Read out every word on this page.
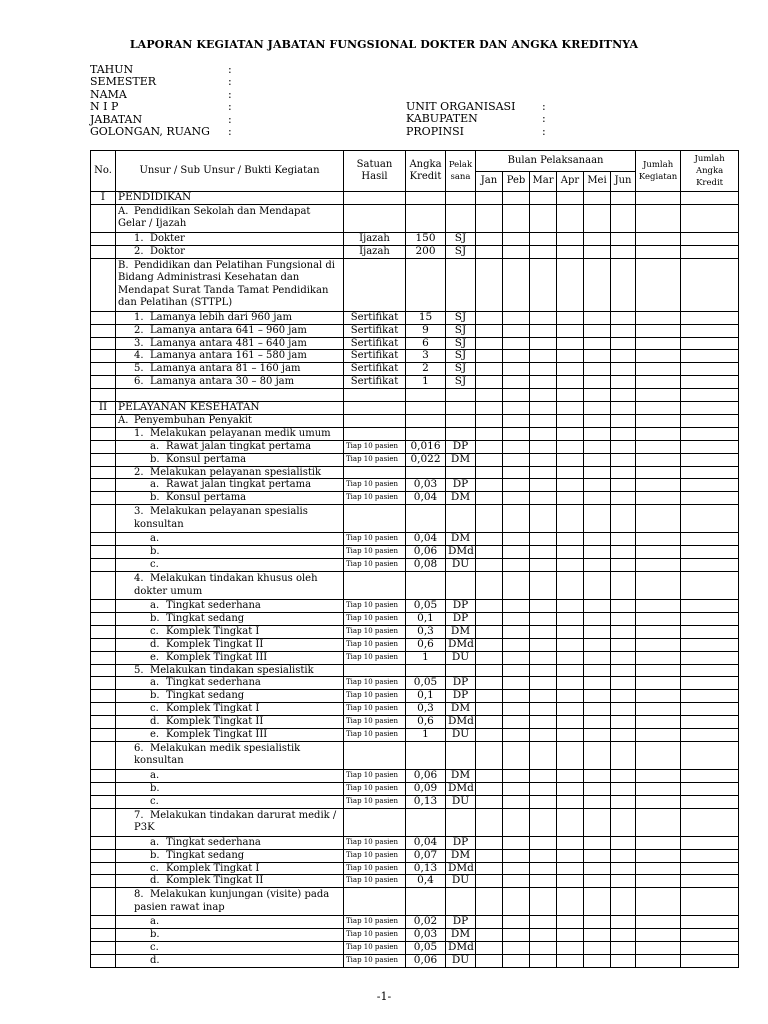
LAPORAN KEGIATAN JABATAN FUNGSIONAL DOKTER DAN ANGKA KREDITNYA
TAHUN	:
SEMESTER	:
NAMA	:
N I P	:
JABATAN	:
GOLONGAN, RUANG :
UNIT ORGANISASI :
KABUPATEN	:
PROPINSI	:
No.	Unsur / Sub Unsur / Bukti Kegiatan	Satuan Hasil	Angka Kredit	Pelak sana	Bulan Pelaksanaan						Jumlah Kegiatan	Jumlah Angka Kredit
					Jan	Peb	Mar	Apr	Mei	Jun		
I	PENDIDIKAN											
	A. Pendidikan Sekolah dan Mendapat Gelar / Ijazah											
	1. Dokter	Ijazah	150	SJ								
	2. Doktor	Ijazah	200	SJ								
	B. Pendidikan dan Pelatihan Fungsional di Bidang Administrasi Kesehatan dan Mendapat Surat Tanda Tamat Pendidikan dan Pelatihan (STTPL)											
	1. Lamanya lebih dari 960 jam	Sertifikat	15	SJ								
	2. Lamanya antara 641 – 960 jam	Sertifikat	9	SJ								
	3. Lamanya antara 481 – 640 jam	Sertifikat	6	SJ								
	4. Lamanya antara 161 – 580 jam	Sertifikat	3	SJ								
	5. Lamanya antara 81 – 160 jam	Sertifikat	2	SJ								
	6. Lamanya antara 30 – 80 jam	Sertifikat	1	SJ								

II	PELAYANAN KESEHATAN											
	A. Penyembuhan Penyakit											
	1. Melakukan pelayanan medik umum											
	a. Rawat jalan tingkat pertama	Tiap 10 pasien	0,016	DP								
	b. Konsul pertama	Tiap 10 pasien	0,022	DM								
	2. Melakukan pelayanan spesialistik											
	a. Rawat jalan tingkat pertama	Tiap 10 pasien	0,03	DP								
	b. Konsul pertama	Tiap 10 pasien	0,04	DM								
	3. Melakukan pelayanan spesialis konsultan											
	a.	Tiap 10 pasien	0,04	DM								
	b.	Tiap 10 pasien	0,06	DMd								
	c.	Tiap 10 pasien	0,08	DU								
	4. Melakukan tindakan khusus oleh dokter umum											
	a. Tingkat sederhana	Tiap 10 pasien	0,05	DP								
	b. Tingkat sedang	Tiap 10 pasien	0,1	DP								
	c. Komplek Tingkat I	Tiap 10 pasien	0,3	DM								
	d. Komplek Tingkat II	Tiap 10 pasien	0,6	DMd								
	e. Komplek Tingkat III	Tiap 10 pasien	1	DU								
	5. Melakukan tindakan spesialistik											
	a. Tingkat sederhana	Tiap 10 pasien	0,05	DP								
	b. Tingkat sedang	Tiap 10 pasien	0,1	DP								
	c. Komplek Tingkat I	Tiap 10 pasien	0,3	DM								
	d. Komplek Tingkat II	Tiap 10 pasien	0,6	DMd								
	e. Komplek Tingkat III	Tiap 10 pasien	1	DU								
	6. Melakukan medik spesialistik konsultan											
	a.	Tiap 10 pasien	0,06	DM								
	b.	Tiap 10 pasien	0,09	DMd								
	c.	Tiap 10 pasien	0,13	DU								
	7. Melakukan tindakan darurat medik / P3K											
	a. Tingkat sederhana	Tiap 10 pasien	0,04	DP								
	b. Tingkat sedang	Tiap 10 pasien	0,07	DM								
	c. Komplek Tingkat I	Tiap 10 pasien	0,13	DMd								
	d. Komplek Tingkat II	Tiap 10 pasien	0,4	DU								
	8. Melakukan kunjungan (visite) pada pasien rawat inap											
	a.	Tiap 10 pasien	0,02	DP								
	b.	Tiap 10 pasien	0,03	DM								
	c.	Tiap 10 pasien	0,05	DMd								
	d.	Tiap 10 pasien	0,06	DU								
-1-
